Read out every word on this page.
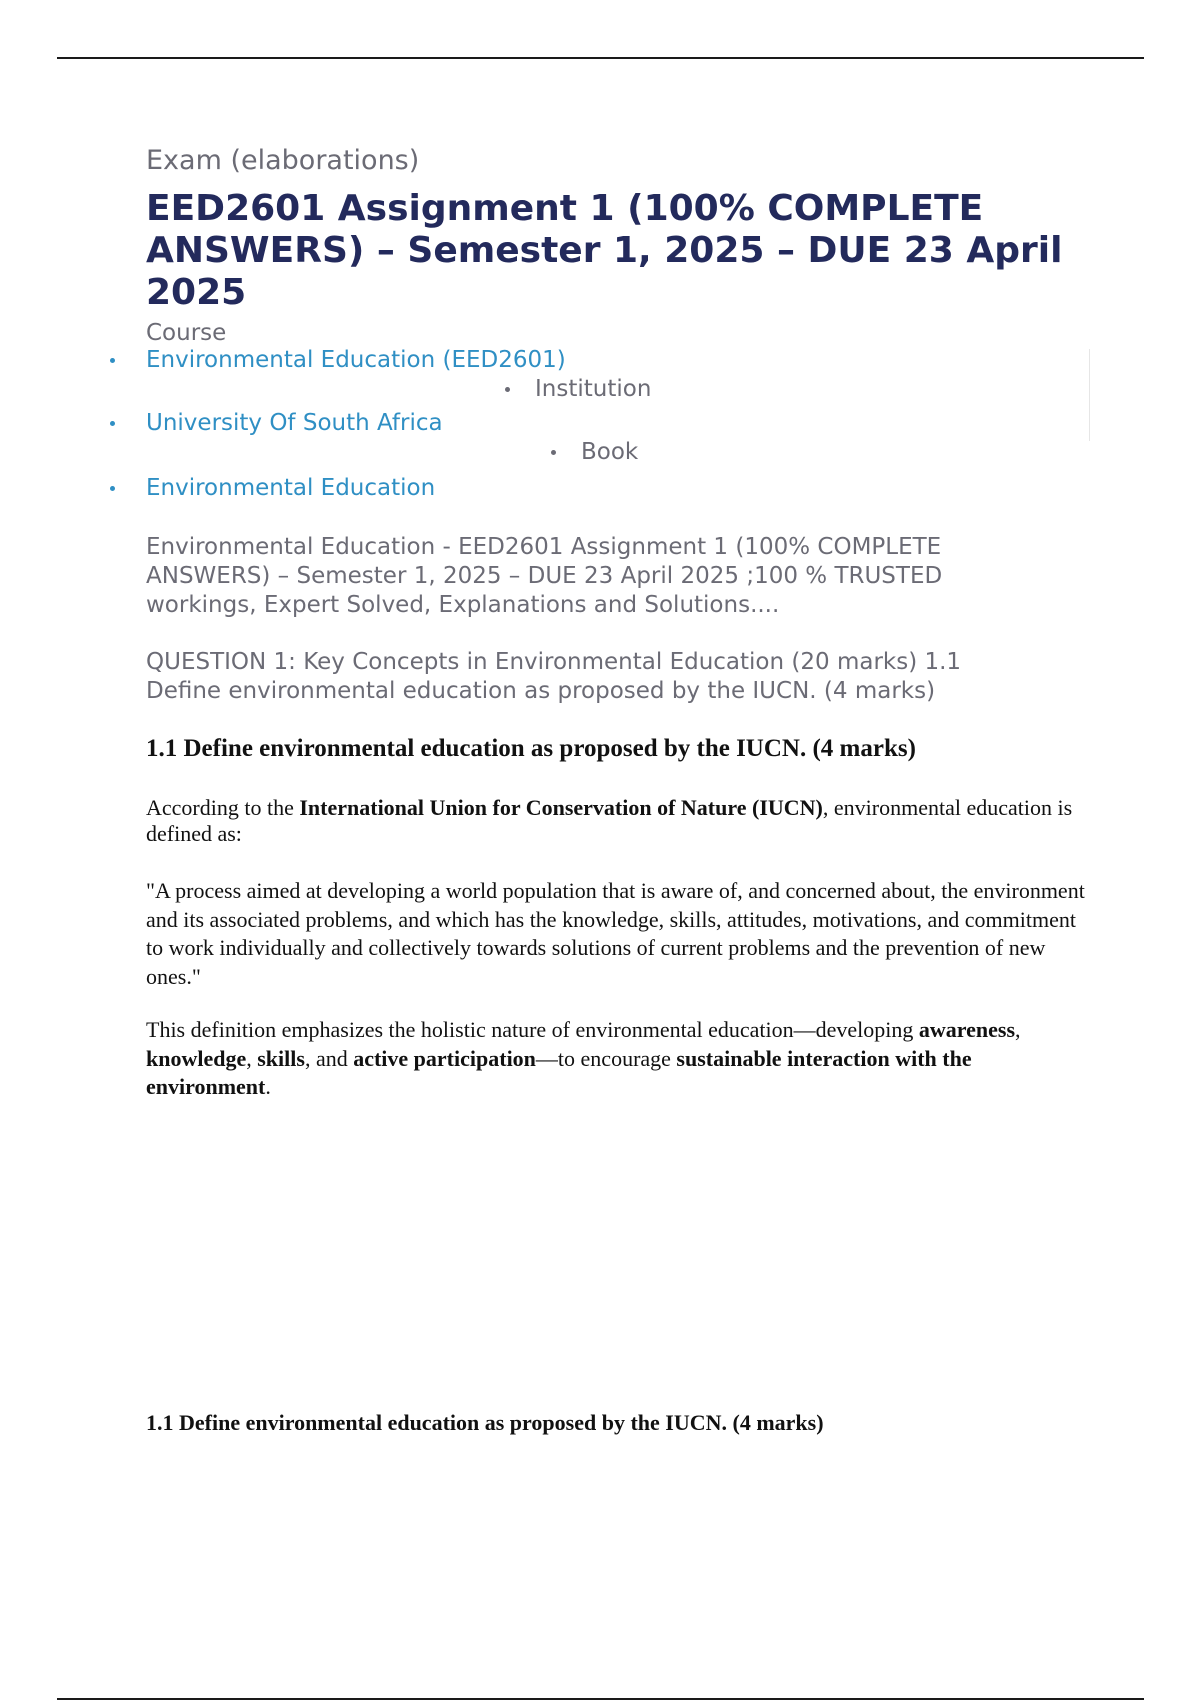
Exam (elaborations)
EED2601 Assignment 1 (100% COMPLETE ANSWERS) – Semester 1, 2025 – DUE 23 April 2025
Course
Environmental Education (EED2601)
Institution
University Of South Africa
Book
Environmental Education

Environmental Education - EED2601 Assignment 1 (100% COMPLETE ANSWERS) – Semester 1, 2025 – DUE 23 April 2025 ;100 % TRUSTED workings, Expert Solved, Explanations and Solutions....

QUESTION 1: Key Concepts in Environmental Education (20 marks) 1.1 Define environmental education as proposed by the IUCN. (4 marks)

1.1 Define environmental education as proposed by the IUCN. (4 marks)

According to the International Union for Conservation of Nature (IUCN), environmental education is defined as:

"A process aimed at developing a world population that is aware of, and concerned about, the environment and its associated problems, and which has the knowledge, skills, attitudes, motivations, and commitment to work individually and collectively towards solutions of current problems and the prevention of new ones."

This definition emphasizes the holistic nature of environmental education—developing awareness, knowledge, skills, and active participation—to encourage sustainable interaction with the environment.

1.1 Define environmental education as proposed by the IUCN. (4 marks)
